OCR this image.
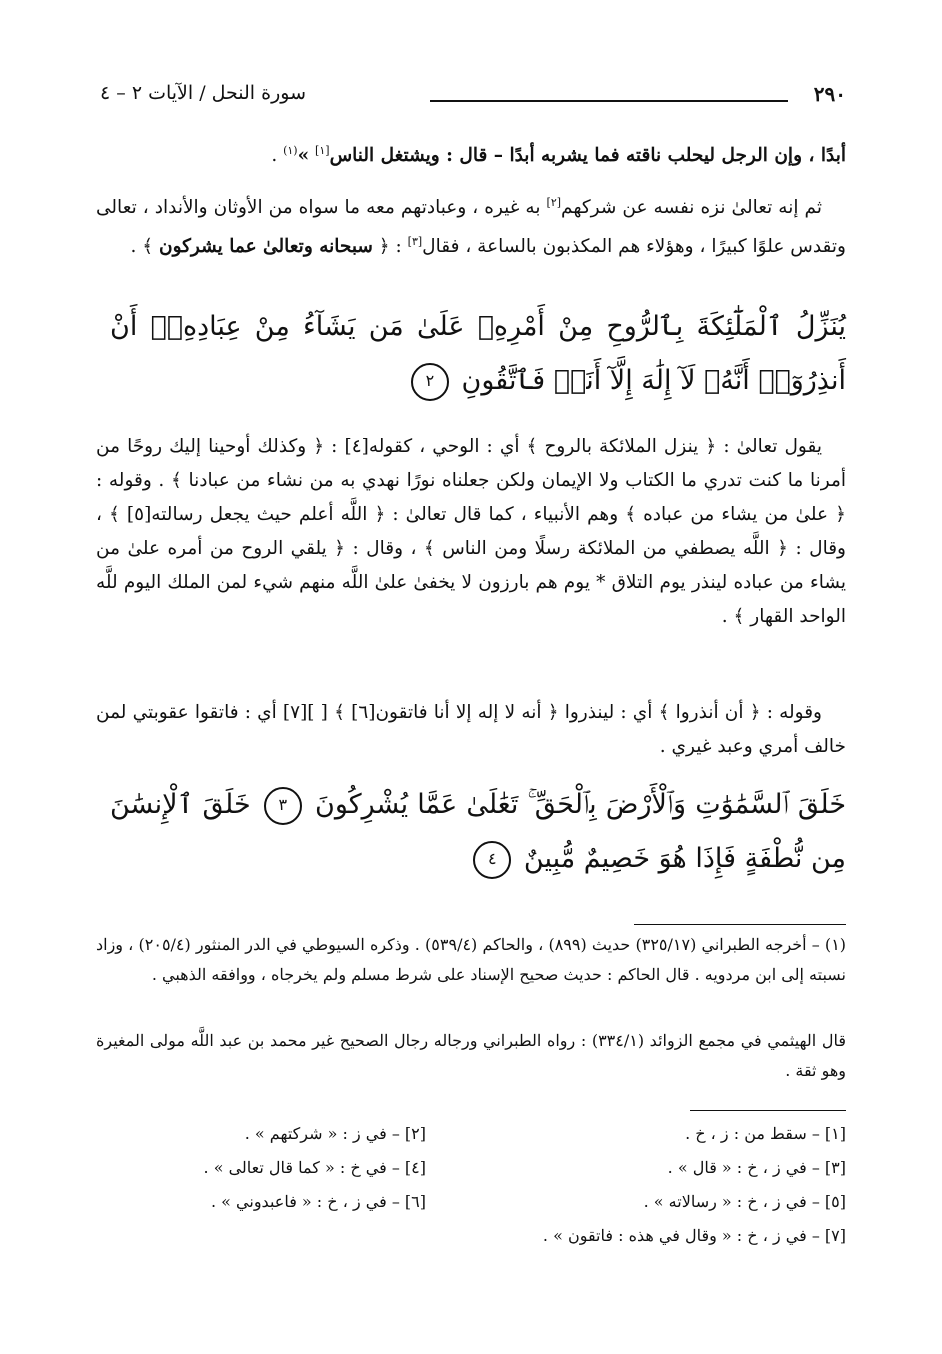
٢٩٠
سورة النحل / الآيات ٢ – ٤
أبدًا ، وإن الرجل ليحلب ناقته فما يشربه أبدًا – قال : ويشتغل الناس[١] »$^{(١)}$ .
ثم إنه تعالىٰ نزه نفسه عن شركهم[٢] به غيره ، وعبادتهم معه ما سواه من الأوثان والأنداد ، تعالى وتقدس علوًا كبيرًا ، وهؤلاء هم المكذبون بالساعة ، فقال[٣] : ﴿ سبحانه وتعالىٰ عما يشركون ﴾ .
يُنَزِّلُ ٱلْمَلَٰٓئِكَةَ بِٱلرُّوحِ مِنْ أَمْرِهِۦ عَلَىٰ مَن يَشَآءُ مِنْ عِبَادِهِۦٓ أَنْ أَنذِرُوٓا۟ أَنَّهُۥ لَآ إِلَٰهَ إِلَّآ أَنَا۠ فَٱتَّقُونِ ٢
يقول تعالىٰ : ﴿ ينزل الملائكة بالروح ﴾ أي : الوحي ، كقوله[٤] : ﴿ وكذلك أوحينا إليك روحًا من أمرنا ما كنت تدري ما الكتاب ولا الإيمان ولكن جعلناه نورًا نهدي به من نشاء من عبادنا ﴾ . وقوله : ﴿ علىٰ من يشاء من عباده ﴾ وهم الأنبياء ، كما قال تعالىٰ : ﴿ اللَّه أعلم حيث يجعل رسالته[٥] ﴾ ، وقال : ﴿ اللَّه يصطفي من الملائكة رسلًا ومن الناس ﴾ ، وقال : ﴿ يلقي الروح من أمره علىٰ من يشاء من عباده لينذر يوم التلاق * يوم هم بارزون لا يخفىٰ علىٰ اللَّه منهم شيء لمن الملك اليوم للَّه الواحد القهار ﴾ .
وقوله : ﴿ أن أنذروا ﴾ أي : لينذروا ﴿ أنه لا إله إلا أنا فاتقون[٦] ﴾ [ ][٧] أي : فاتقوا عقوبتي لمن خالف أمري وعبد غيري .
خَلَقَ ٱلسَّمَٰوَٰتِ وَٱلْأَرْضَ بِٱلْحَقِّ ۚ تَعَٰلَىٰ عَمَّا يُشْرِكُونَ ٣ خَلَقَ ٱلْإِنسَٰنَ مِن نُّطْفَةٍ فَإِذَا هُوَ خَصِيمٌ مُّبِينٌ ٤
(١) – أخرجه الطبراني (٣٢٥/١٧) حديث (٨٩٩) ، والحاكم (٥٣٩/٤) . وذكره السيوطي في الدر المنثور (٢٠٥/٤) ، وزاد نسبته إلى ابن مردويه . قال الحاكم : حديث صحيح الإسناد على شرط مسلم ولم يخرجاه ، ووافقه الذهبي .
قال الهيثمي في مجمع الزوائد (٣٣٤/١) : رواه الطبراني ورجاله رجال الصحيح غير محمد بن عبد اللَّه مولى المغيرة وهو ثقة .
[١] – سقط من : ز ، خ .
[٢] – في ز : « شركتهم » .
[٣] – في ز ، خ : « قال » .
[٤] – في خ : « كما قال تعالى » .
[٥] – في ز ، خ : « رسالاته » .
[٦] – في ز ، خ : « فاعبدوني » .
[٧] – في ز ، خ : « وقال في هذه : فاتقون » .
